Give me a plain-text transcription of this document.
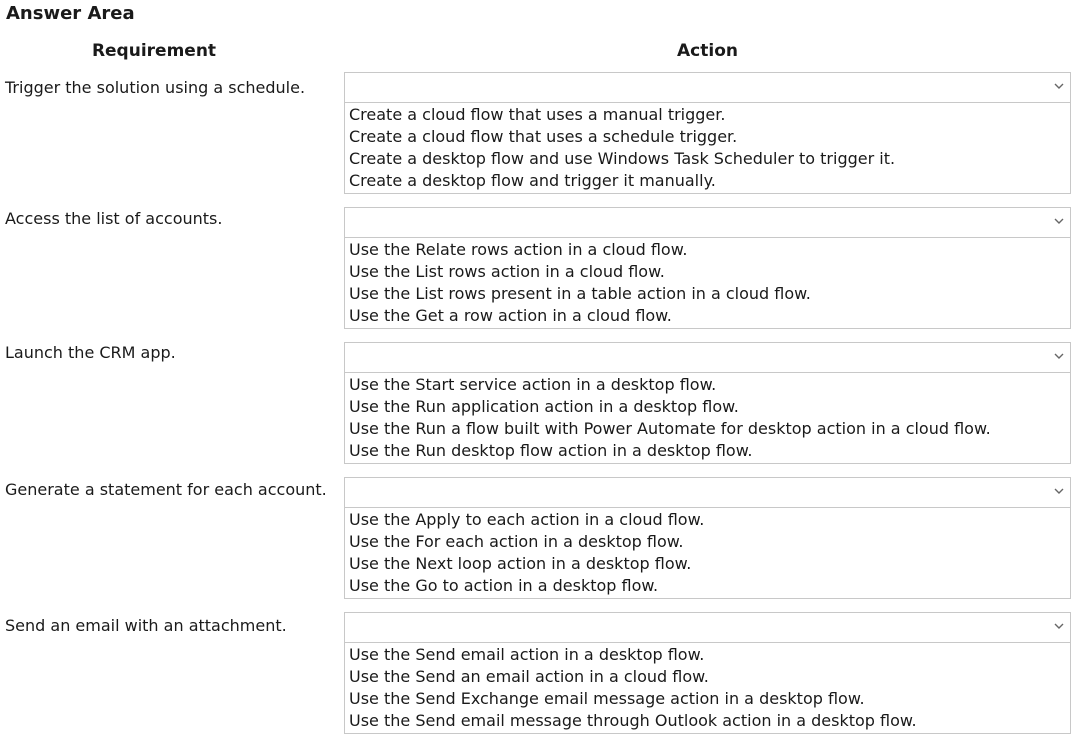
Answer Area
Requirement	Action
Trigger the solution using a schedule.
Create a cloud flow that uses a manual trigger.
Create a cloud flow that uses a schedule trigger.
Create a desktop flow and use Windows Task Scheduler to trigger it.
Create a desktop flow and trigger it manually.
Access the list of accounts.
Use the Relate rows action in a cloud flow.
Use the List rows action in a cloud flow.
Use the List rows present in a table action in a cloud flow.
Use the Get a row action in a cloud flow.
Launch the CRM app.
Use the Start service action in a desktop flow.
Use the Run application action in a desktop flow.
Use the Run a flow built with Power Automate for desktop action in a cloud flow.
Use the Run desktop flow action in a desktop flow.
Generate a statement for each account.
Use the Apply to each action in a cloud flow.
Use the For each action in a desktop flow.
Use the Next loop action in a desktop flow.
Use the Go to action in a desktop flow.
Send an email with an attachment.
Use the Send email action in a desktop flow.
Use the Send an email action in a cloud flow.
Use the Send Exchange email message action in a desktop flow.
Use the Send email message through Outlook action in a desktop flow.
